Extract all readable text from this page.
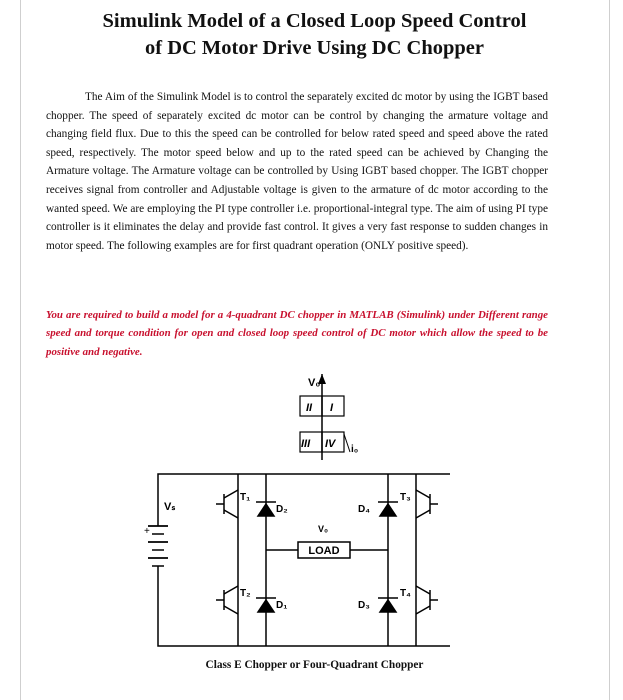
Simulink Model of a Closed Loop Speed Control
of DC Motor Drive Using DC Chopper

The Aim of the Simulink Model is to control the separately excited dc motor by using the IGBT based chopper. The speed of separately excited dc motor can be control by changing the armature voltage and changing field flux. Due to this the speed can be controlled for below rated speed and speed above the rated speed, respectively. The motor speed below and up to the rated speed can be achieved by Changing the Armature voltage. The Armature voltage can be controlled by Using IGBT based chopper. The IGBT chopper receives signal from controller and Adjustable voltage is given to the armature of dc motor according to the wanted speed. We are employing the PI type controller i.e. proportional-integral type. The aim of using PI type controller is it eliminates the delay and provide fast control. It gives a very fast response to sudden changes in motor speed. The following examples are for first quadrant operation (ONLY positive speed).

You are required to build a model for a 4-quadrant DC chopper in MATLAB (Simulink) under Different range speed and torque condition for open and closed loop speed control of DC motor which allow the speed to be positive and negative.
V₀
II I
III IV i₀
Vₛ
+
LOAD
V₀
T₁
T₂
T₃
T₄
D₁
D₂
D₃
D₄
Class E Chopper or Four-Quadrant Chopper
